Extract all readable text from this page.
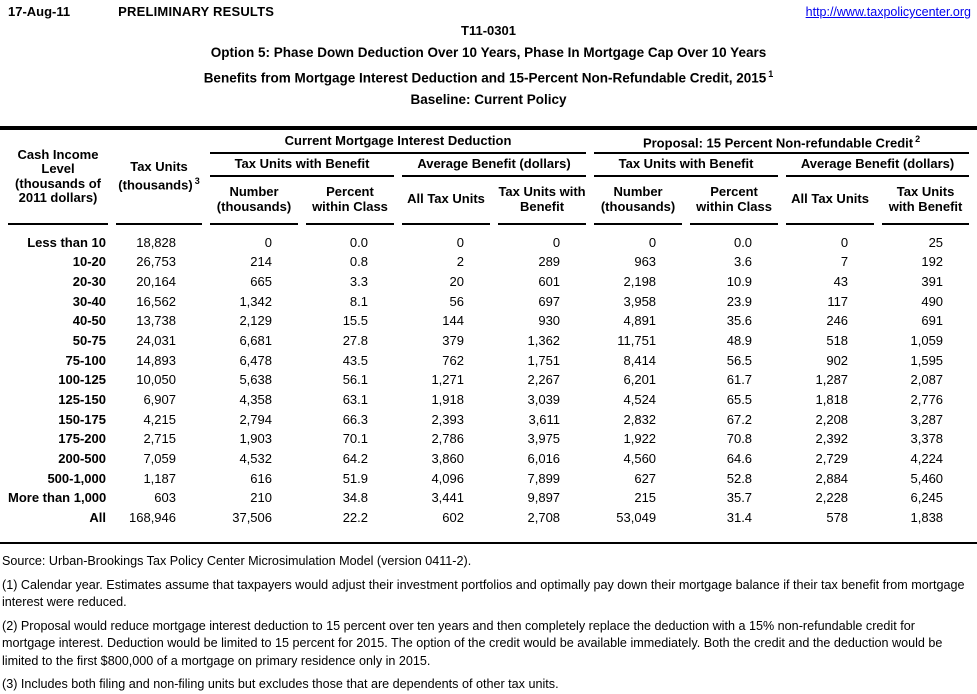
17-Aug-11	PRELIMINARY RESULTS	http://www.taxpolicycenter.org
T11-0301
Option 5: Phase Down Deduction Over 10 Years, Phase In Mortgage Cap Over 10 Years
Benefits from Mortgage Interest Deduction and 15-Percent Non-Refundable Credit, 2015 $^1$
Baseline: Current Policy
Cash Income Level (thousands of 2011 dollars)	Tax Units (thousands) $^3$	Current Mortgage Interest Deduction				Proposal: 15 Percent Non-refundable Credit $^2$
		Tax Units with Benefit		Average Benefit (dollars)		Tax Units with Benefit		Average Benefit (dollars)	
		Number (thousands)	Percent within Class	All Tax Units	Tax Units with Benefit	Number (thousands)	Percent within Class	All Tax Units	Tax Units with Benefit
Less than 10	18,828	0	0.0	0	0	0	0.0	0	25
10-20	26,753	214	0.8	2	289	963	3.6	7	192
20-30	20,164	665	3.3	20	601	2,198	10.9	43	391
30-40	16,562	1,342	8.1	56	697	3,958	23.9	117	490
40-50	13,738	2,129	15.5	144	930	4,891	35.6	246	691
50-75	24,031	6,681	27.8	379	1,362	11,751	48.9	518	1,059
75-100	14,893	6,478	43.5	762	1,751	8,414	56.5	902	1,595
100-125	10,050	5,638	56.1	1,271	2,267	6,201	61.7	1,287	2,087
125-150	6,907	4,358	63.1	1,918	3,039	4,524	65.5	1,818	2,776
150-175	4,215	2,794	66.3	2,393	3,611	2,832	67.2	2,208	3,287
175-200	2,715	1,903	70.1	2,786	3,975	1,922	70.8	2,392	3,378
200-500	7,059	4,532	64.2	3,860	6,016	4,560	64.6	2,729	4,224
500-1,000	1,187	616	51.9	4,096	7,899	627	52.8	2,884	5,460
More than 1,000	603	210	34.8	3,441	9,897	215	35.7	2,228	6,245
All	168,946	37,506	22.2	602	2,708	53,049	31.4	578	1,838

Source: Urban-Brookings Tax Policy Center Microsimulation Model (version 0411-2).

(1) Calendar year. Estimates assume that taxpayers would adjust their investment portfolios and optimally pay down their mortgage balance if their tax benefit from mortgage interest were reduced.

(2) Proposal would reduce mortgage interest deduction to 15 percent over ten years and then completely replace the deduction with a 15% non-refundable credit for mortgage interest. Deduction would be limited to 15 percent for 2015. The option of the credit would be available immediately. Both the credit and the deduction would be limited to the first $800,000 of a mortgage on primary residence only in 2015.

(3) Includes both filing and non-filing units but excludes those that are dependents of other tax units.
